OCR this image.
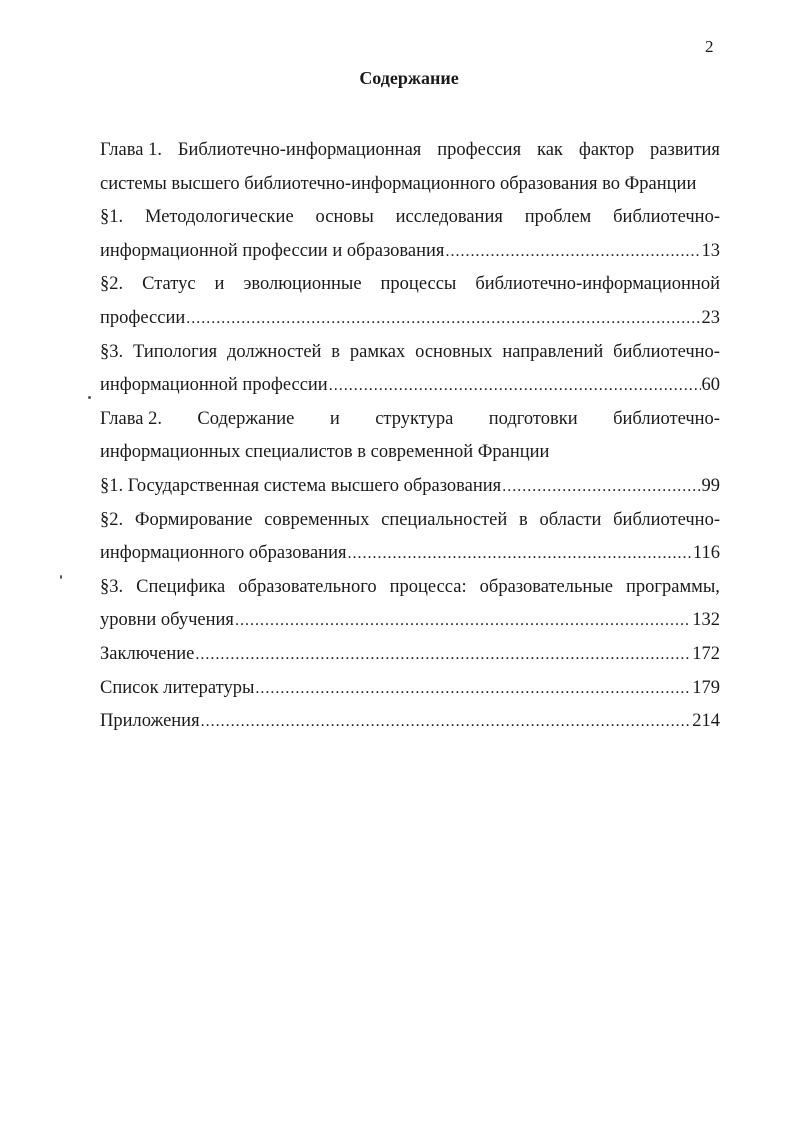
2
Содержание
Глава 1. Библиотечно-информационная профессия как фактор развития
системы высшего библиотечно-информационного образования во Франции
§1. Методологические основы исследования проблем библиотечно-
информационной профессии и образования .....	13
§2. Статус и эволюционные процессы библиотечно-информационной
профессии .....	23
§3. Типология должностей в рамках основных направлений библиотечно-
информационной профессии .....	60
Глава 2. Содержание и структура подготовки библиотечно-
информационных специалистов в современной Франции
§1. Государственная система высшего образования .....	99
§2. Формирование современных специальностей в области библиотечно-
информационного образования .....	116
§3. Специфика образовательного процесса: образовательные программы,
уровни обучения .....	132
Заключение .....	172
Список литературы .....	179
Приложения .....	214
